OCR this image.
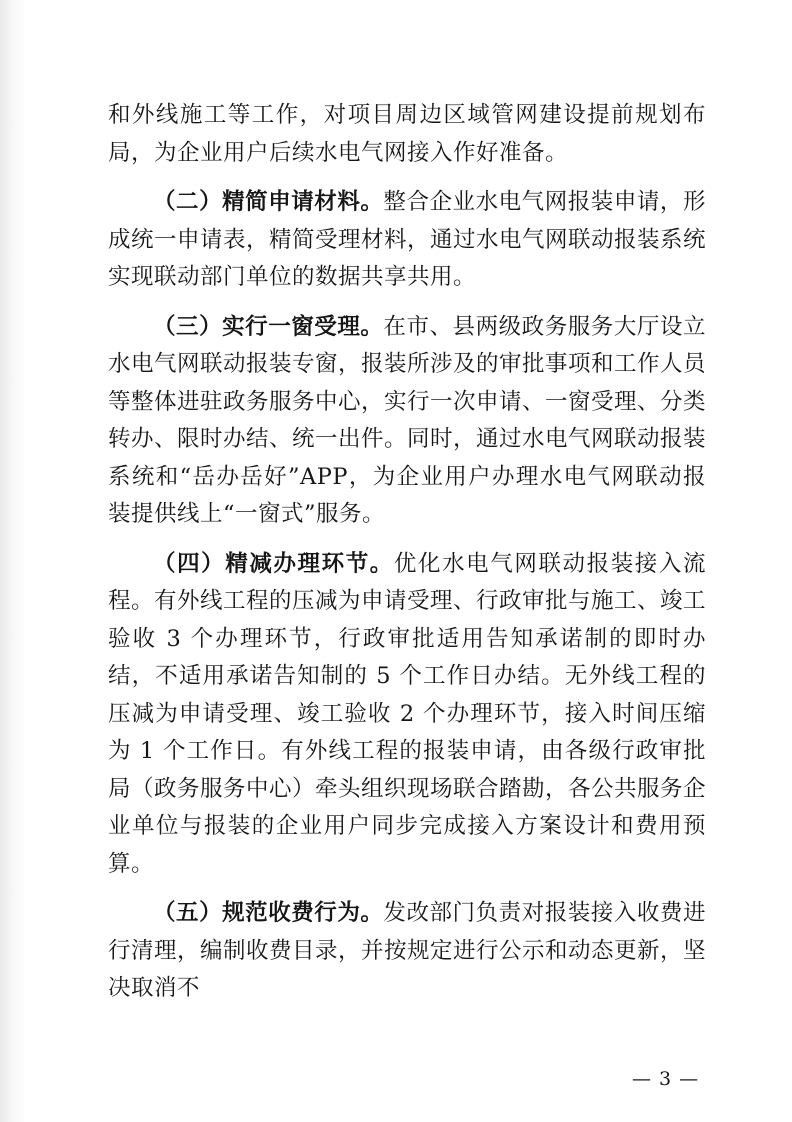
和外线施工等工作，对项目周边区域管网建设提前规划布局，为企业用户后续水电气网接入作好准备。

（二）精简申请材料。整合企业水电气网报装申请，形成统一申请表，精简受理材料，通过水电气网联动报装系统实现联动部门单位的数据共享共用。

（三）实行一窗受理。在市、县两级政务服务大厅设立水电气网联动报装专窗，报装所涉及的审批事项和工作人员等整体进驻政务服务中心，实行一次申请、一窗受理、分类转办、限时办结、统一出件。同时，通过水电气网联动报装系统和“岳办岳好”APP，为企业用户办理水电气网联动报装提供线上“一窗式”服务。

（四）精减办理环节。优化水电气网联动报装接入流程。有外线工程的压减为申请受理、行政审批与施工、竣工验收 3 个办理环节，行政审批适用告知承诺制的即时办结，不适用承诺告知制的 5 个工作日办结。无外线工程的压减为申请受理、竣工验收 2 个办理环节，接入时间压缩为 1 个工作日。有外线工程的报装申请，由各级行政审批局（政务服务中心）牵头组织现场联合踏勘，各公共服务企业单位与报装的企业用户同步完成接入方案设计和费用预算。

（五）规范收费行为。发改部门负责对报装接入收费进行清理，编制收费目录，并按规定进行公示和动态更新，坚决取消不

— 3 —
